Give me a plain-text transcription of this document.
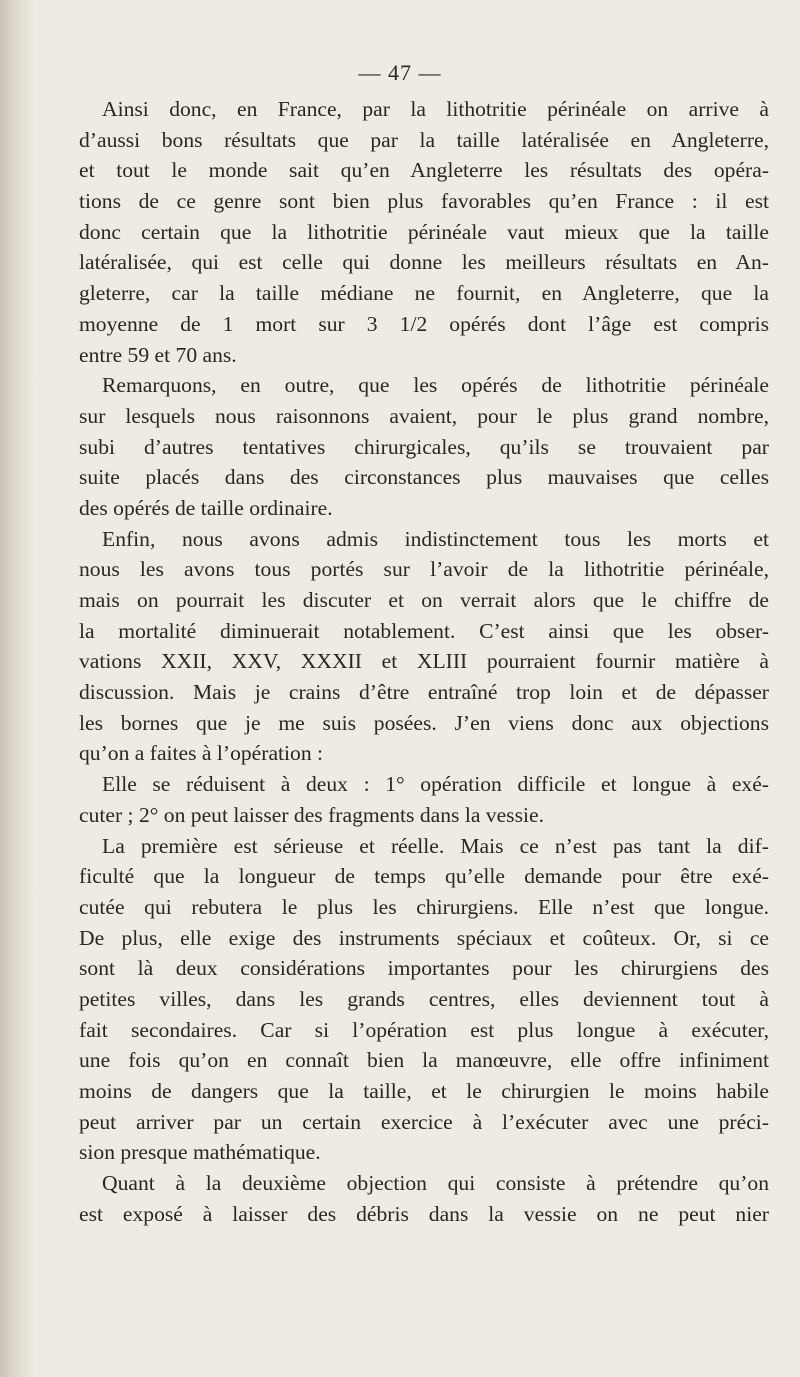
— 47 —
Ainsi donc, en France, par la lithotritie périnéale on arrive à
d’aussi bons résultats que par la taille latéralisée en Angleterre,
et tout le monde sait qu’en Angleterre les résultats des opéra-
tions de ce genre sont bien plus favorables qu’en France : il est
donc certain que la lithotritie périnéale vaut mieux que la taille
latéralisée, qui est celle qui donne les meilleurs résultats en An-
gleterre, car la taille médiane ne fournit, en Angleterre, que la
moyenne de 1 mort sur 3 1/2 opérés dont l’âge est compris
entre 59 et 70 ans.
Remarquons, en outre, que les opérés de lithotritie périnéale
sur lesquels nous raisonnons avaient, pour le plus grand nombre,
subi d’autres tentatives chirurgicales, qu’ils se trouvaient par
suite placés dans des circonstances plus mauvaises que celles
des opérés de taille ordinaire.
Enfin, nous avons admis indistinctement tous les morts et
nous les avons tous portés sur l’avoir de la lithotritie périnéale,
mais on pourrait les discuter et on verrait alors que le chiffre de
la mortalité diminuerait notablement. C’est ainsi que les obser-
vations XXII, XXV, XXXII et XLIII pourraient fournir matière à
discussion. Mais je crains d’être entraîné trop loin et de dépasser
les bornes que je me suis posées. J’en viens donc aux objections
qu’on a faites à l’opération :
Elle se réduisent à deux : 1° opération difficile et longue à exé-
cuter ; 2° on peut laisser des fragments dans la vessie.
La première est sérieuse et réelle. Mais ce n’est pas tant la dif-
ficulté que la longueur de temps qu’elle demande pour être exé-
cutée qui rebutera le plus les chirurgiens. Elle n’est que longue.
De plus, elle exige des instruments spéciaux et coûteux. Or, si ce
sont là deux considérations importantes pour les chirurgiens des
petites villes, dans les grands centres, elles deviennent tout à
fait secondaires. Car si l’opération est plus longue à exécuter,
une fois qu’on en connaît bien la manœuvre, elle offre infiniment
moins de dangers que la taille, et le chirurgien le moins habile
peut arriver par un certain exercice à l’exécuter avec une préci-
sion presque mathématique.
Quant à la deuxième objection qui consiste à prétendre qu’on
est exposé à laisser des débris dans la vessie on ne peut nier
